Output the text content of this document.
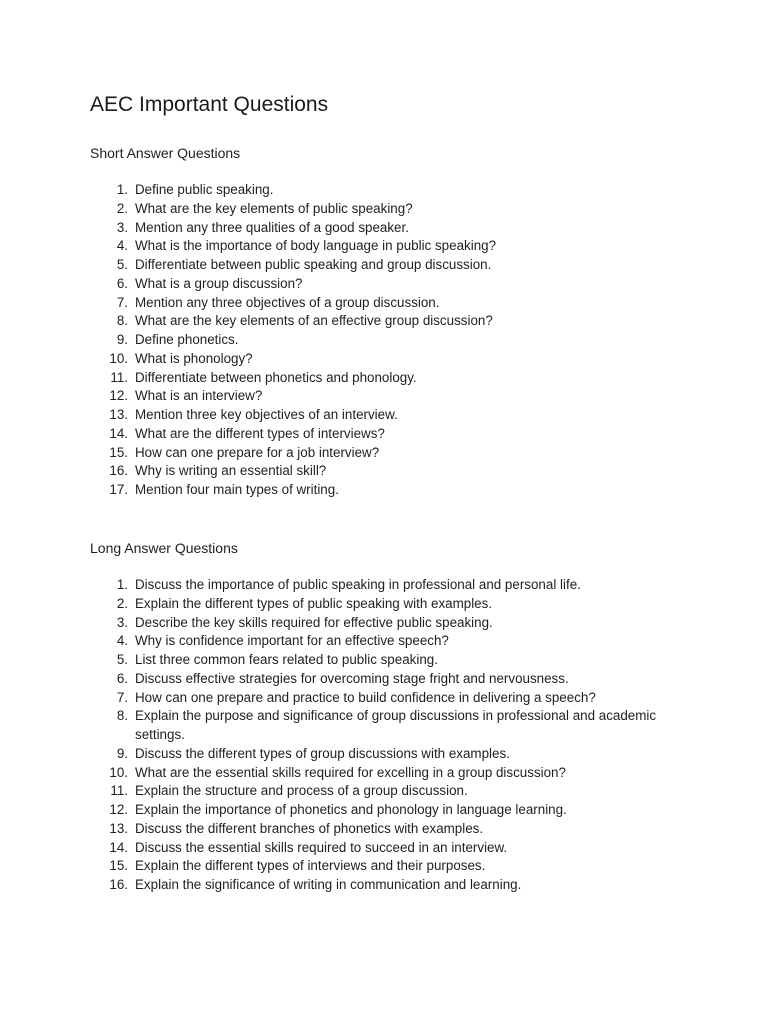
AEC Important Questions
Short Answer Questions
1. Define public speaking.
2. What are the key elements of public speaking?
3. Mention any three qualities of a good speaker.
4. What is the importance of body language in public speaking?
5. Differentiate between public speaking and group discussion.
6. What is a group discussion?
7. Mention any three objectives of a group discussion.
8. What are the key elements of an effective group discussion?
9. Define phonetics.
10. What is phonology?
11. Differentiate between phonetics and phonology.
12. What is an interview?
13. Mention three key objectives of an interview.
14. What are the different types of interviews?
15. How can one prepare for a job interview?
16. Why is writing an essential skill?
17. Mention four main types of writing.
Long Answer Questions
1. Discuss the importance of public speaking in professional and personal life.
2. Explain the different types of public speaking with examples.
3. Describe the key skills required for effective public speaking.
4. Why is confidence important for an effective speech?
5. List three common fears related to public speaking.
6. Discuss effective strategies for overcoming stage fright and nervousness.
7. How can one prepare and practice to build confidence in delivering a speech?
8. Explain the purpose and significance of group discussions in professional and academic settings.
9. Discuss the different types of group discussions with examples.
10. What are the essential skills required for excelling in a group discussion?
11. Explain the structure and process of a group discussion.
12. Explain the importance of phonetics and phonology in language learning.
13. Discuss the different branches of phonetics with examples.
14. Discuss the essential skills required to succeed in an interview.
15. Explain the different types of interviews and their purposes.
16. Explain the significance of writing in communication and learning.
